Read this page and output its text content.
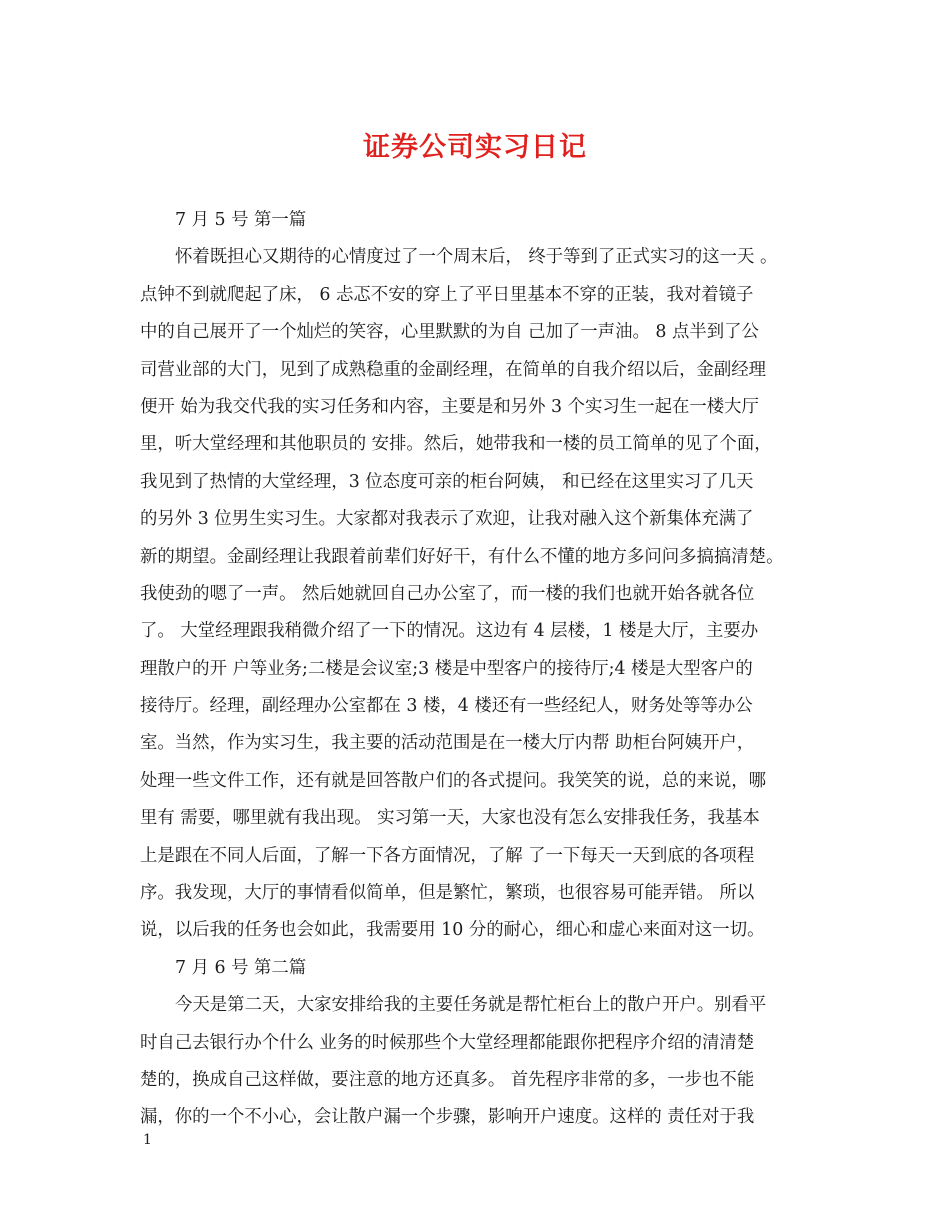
证券公司实习日记
7 月 5 号 第一篇
怀着既担心又期待的心情度过了一个周末后， 终于等到了正式实习的这一天 。
点钟不到就爬起了床， 6 忐忑不安的穿上了平日里基本不穿的正装，我对着镜子
中的自己展开了一个灿烂的笑容，心里默默的为自 己加了一声油。 8 点半到了公
司营业部的大门，见到了成熟稳重的金副经理，在简单的自我介绍以后，金副经理
便开 始为我交代我的实习任务和内容，主要是和另外 3 个实习生一起在一楼大厅
里，听大堂经理和其他职员的 安排。然后，她带我和一楼的员工简单的见了个面，
我见到了热情的大堂经理，3 位态度可亲的柜台阿姨， 和已经在这里实习了几天
的另外 3 位男生实习生。大家都对我表示了欢迎，让我对融入这个新集体充满了
新的期望。金副经理让我跟着前辈们好好干，有什么不懂的地方多问问多搞搞清楚。
我使劲的嗯了一声。 然后她就回自己办公室了，而一楼的我们也就开始各就各位
了。 大堂经理跟我稍微介绍了一下的情况。这边有 4 层楼，1 楼是大厅，主要办
理散户的开 户等业务;二楼是会议室;3 楼是中型客户的接待厅;4 楼是大型客户的
接待厅。经理，副经理办公室都在 3 楼，4 楼还有一些经纪人，财务处等等办公
室。当然，作为实习生，我主要的活动范围是在一楼大厅内帮 助柜台阿姨开户，
处理一些文件工作，还有就是回答散户们的各式提问。我笑笑的说，总的来说，哪
里有 需要，哪里就有我出现。 实习第一天，大家也没有怎么安排我任务，我基本
上是跟在不同人后面，了解一下各方面情况，了解 了一下每天一天到底的各项程
序。我发现，大厅的事情看似简单，但是繁忙，繁琐，也很容易可能弄错。 所以
说，以后我的任务也会如此，我需要用 10 分的耐心，细心和虚心来面对这一切。
7 月 6 号 第二篇
今天是第二天，大家安排给我的主要任务就是帮忙柜台上的散户开户。别看平
时自己去银行办个什么 业务的时候那些个大堂经理都能跟你把程序介绍的清清楚
楚的，换成自己这样做，要注意的地方还真多。 首先程序非常的多，一步也不能
漏，你的一个不小心，会让散户漏一个步骤，影响开户速度。这样的 责任对于我
1
